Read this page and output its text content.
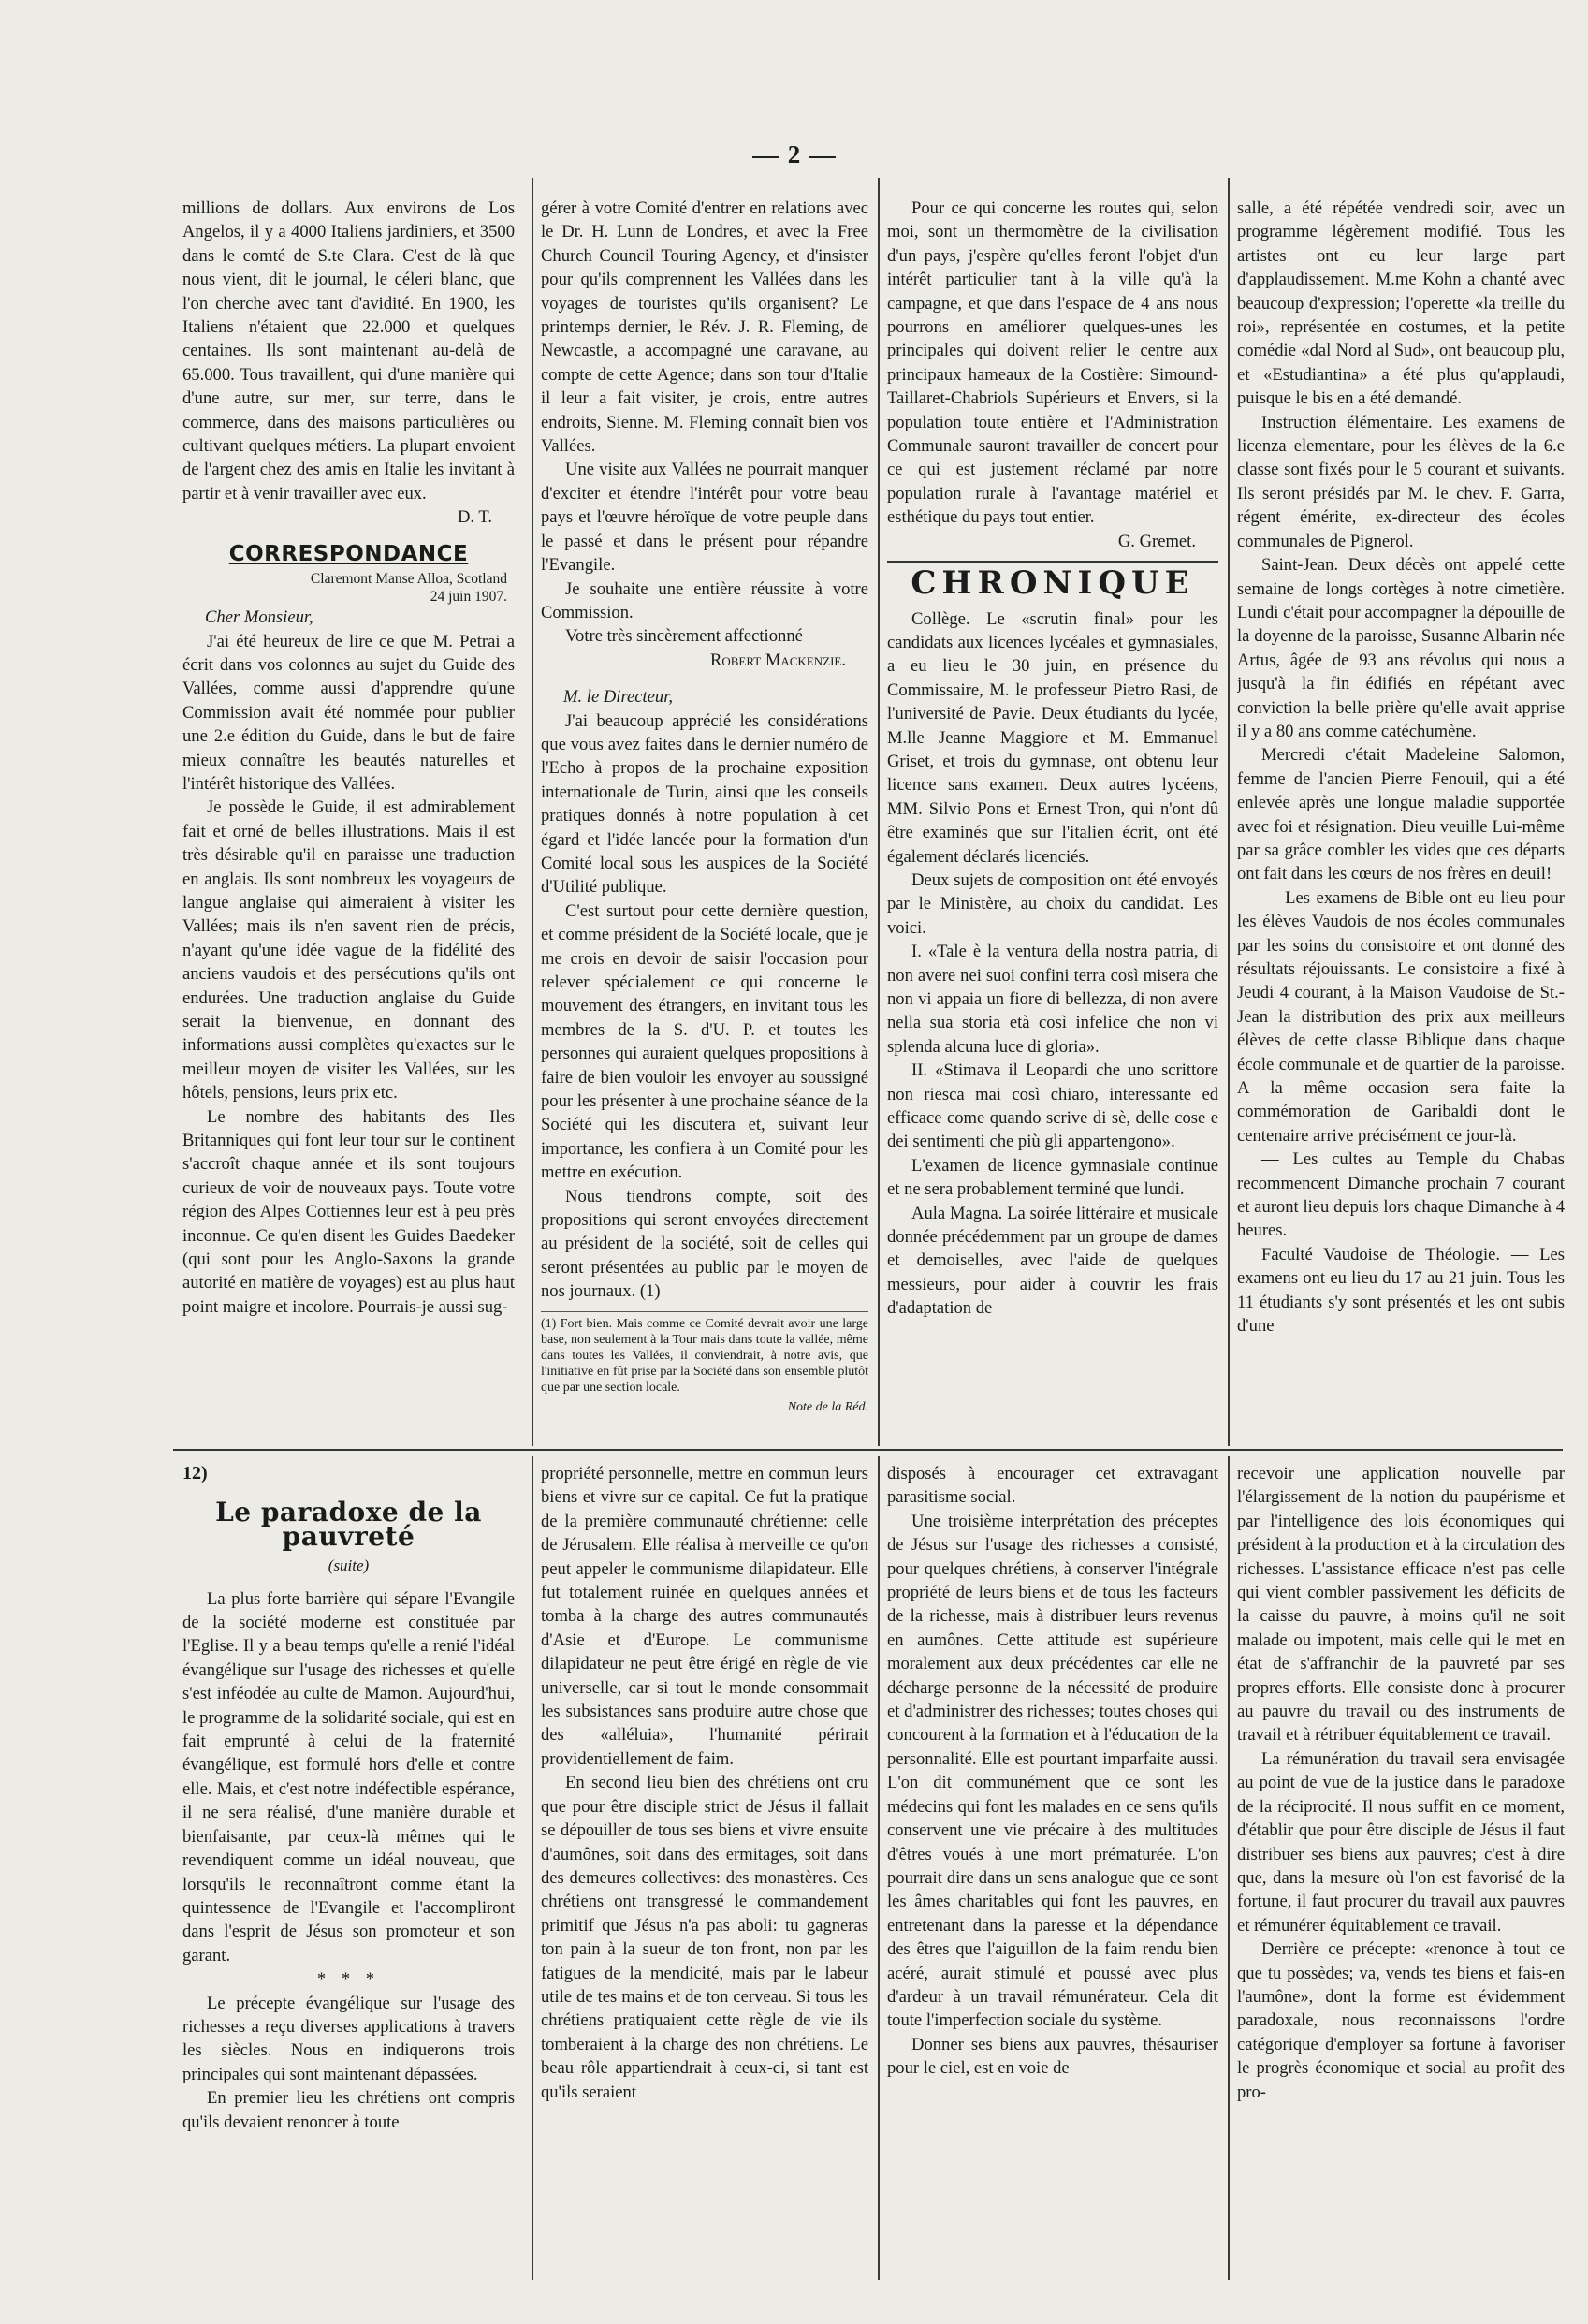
2

millions de dollars. Aux environs de Los Angelos, il y a 4000 Italiens jardiniers, et 3500 dans le comté de S.te Clara. C'est de là que nous vient, dit le journal, le céleri blanc, que l'on cherche avec tant d'avidité. En 1900, les Italiens n'étaient que 22.000 et quelques centaines. Ils sont maintenant au-delà de 65.000. Tous travaillent, qui d'une manière qui d'une autre, sur mer, sur terre, dans le commerce, dans des maisons particulières ou cultivant quelques métiers. La plupart envoient de l'argent chez des amis en Italie les invitant à partir et à venir travailler avec eux.

D. T.
CORRESPONDANCE
Claremont Manse Alloa, Scotland
24 juin 1907.
Cher Monsieur,

J'ai été heureux de lire ce que M. Petrai a écrit dans vos colonnes au sujet du Guide des Vallées, comme aussi d'apprendre qu'une Commission avait été nommée pour publier une 2.e édition du Guide, dans le but de faire mieux connaître les beautés naturelles et l'intérêt historique des Vallées.

Je possède le Guide, il est admirablement fait et orné de belles illustrations. Mais il est très désirable qu'il en paraisse une traduction en anglais. Ils sont nombreux les voyageurs de langue anglaise qui aimeraient à visiter les Vallées; mais ils n'en savent rien de précis, n'ayant qu'une idée vague de la fidélité des anciens vaudois et des persécutions qu'ils ont endurées. Une traduction anglaise du Guide serait la bienvenue, en donnant des informations aussi complètes qu'exactes sur le meilleur moyen de visiter les Vallées, sur les hôtels, pensions, leurs prix etc.

Le nombre des habitants des Iles Britanniques qui font leur tour sur le continent s'accroît chaque année et ils sont toujours curieux de voir de nouveaux pays. Toute votre région des Alpes Cottiennes leur est à peu près inconnue. Ce qu'en disent les Guides Baedeker (qui sont pour les Anglo-Saxons la grande autorité en matière de voyages) est au plus haut point maigre et incolore. Pourrais-je aussi sug-

gérer à votre Comité d'entrer en relations avec le Dr. H. Lunn de Londres, et avec la Free Church Council Touring Agency, et d'insister pour qu'ils comprennent les Vallées dans les voyages de touristes qu'ils organisent? Le printemps dernier, le Rév. J. R. Fleming, de Newcastle, a accompagné une caravane, au compte de cette Agence; dans son tour d'Italie il leur a fait visiter, je crois, entre autres endroits, Sienne. M. Fleming connaît bien vos Vallées.

Une visite aux Vallées ne pourrait manquer d'exciter et étendre l'intérêt pour votre beau pays et l'œuvre héroïque de votre peuple dans le passé et dans le présent pour répandre l'Evangile.

Je souhaite une entière réussite à votre Commission.

Votre très sincèrement affectionné

Robert Mackenzie.
M. le Directeur,

J'ai beaucoup apprécié les considérations que vous avez faites dans le dernier numéro de l'Echo à propos de la prochaine exposition internationale de Turin, ainsi que les conseils pratiques donnés à notre population à cet égard et l'idée lancée pour la formation d'un Comité local sous les auspices de la Société d'Utilité publique.

C'est surtout pour cette dernière question, et comme président de la Société locale, que je me crois en devoir de saisir l'occasion pour relever spécialement ce qui concerne le mouvement des étrangers, en invitant tous les membres de la S. d'U. P. et toutes les personnes qui auraient quelques propositions à faire de bien vouloir les envoyer au soussigné pour les présenter à une prochaine séance de la Société qui les discutera et, suivant leur importance, les confiera à un Comité pour les mettre en exécution.

Nous tiendrons compte, soit des propositions qui seront envoyées directement au président de la société, soit de celles qui seront présentées au public par le moyen de nos journaux. (1)

(1) Fort bien. Mais comme ce Comité devrait avoir une large base, non seulement à la Tour mais dans toute la vallée, même dans toutes les Vallées, il conviendrait, à notre avis, que l'initiative en fût prise par la Société dans son ensemble plutôt que par une section locale.
Note de la Réd.

Pour ce qui concerne les routes qui, selon moi, sont un thermomètre de la civilisation d'un pays, j'espère qu'elles feront l'objet d'un intérêt particulier tant à la ville qu'à la campagne, et que dans l'espace de 4 ans nous pourrons en améliorer quelques-unes les principales qui doivent relier le centre aux principaux hameaux de la Costière: Simound-Taillaret-Chabriols Supérieurs et Envers, si la population toute entière et l'Administration Communale sauront travailler de concert pour ce qui est justement réclamé par notre population rurale à l'avantage matériel et esthétique du pays tout entier.

G. Gremet.
CHRONIQUE

Collège. Le «scrutin final» pour les candidats aux licences lycéales et gymnasiales, a eu lieu le 30 juin, en présence du Commissaire, M. le professeur Pietro Rasi, de l'université de Pavie. Deux étudiants du lycée, M.lle Jeanne Maggiore et M. Emmanuel Griset, et trois du gymnase, ont obtenu leur licence sans examen. Deux autres lycéens, MM. Silvio Pons et Ernest Tron, qui n'ont dû être examinés que sur l'italien écrit, ont été également déclarés licenciés.

Deux sujets de composition ont été envoyés par le Ministère, au choix du candidat. Les voici.

I. «Tale è la ventura della nostra patria, di non avere nei suoi confini terra così misera che non vi appaia un fiore di bellezza, di non avere nella sua storia età così infelice che non vi splenda alcuna luce di gloria».

II. «Stimava il Leopardi che uno scrittore non riesca mai così chiaro, interessante ed efficace come quando scrive di sè, delle cose e dei sentimenti che più gli appartengono».

L'examen de licence gymnasiale continue et ne sera probablement terminé que lundi.

Aula Magna. La soirée littéraire et musicale donnée précédemment par un groupe de dames et demoiselles, avec l'aide de quelques messieurs, pour aider à couvrir les frais d'adaptation de

salle, a été répétée vendredi soir, avec un programme légèrement modifié. Tous les artistes ont eu leur large part d'applaudissement. M.me Kohn a chanté avec beaucoup d'expression; l'operette «la treille du roi», représentée en costumes, et la petite comédie «dal Nord al Sud», ont beaucoup plu, et «Estudiantina» a été plus qu'applaudi, puisque le bis en a été demandé.

Instruction élémentaire. Les examens de licenza elementare, pour les élèves de la 6.e classe sont fixés pour le 5 courant et suivants. Ils seront présidés par M. le chev. F. Garra, régent émérite, ex-directeur des écoles communales de Pignerol.

Saint-Jean. Deux décès ont appelé cette semaine de longs cortèges à notre cimetière. Lundi c'était pour accompagner la dépouille de la doyenne de la paroisse, Susanne Albarin née Artus, âgée de 93 ans révolus qui nous a jusqu'à la fin édifiés en répétant avec conviction la belle prière qu'elle avait apprise il y a 80 ans comme catéchumène.

Mercredi c'était Madeleine Salomon, femme de l'ancien Pierre Fenouil, qui a été enlevée après une longue maladie supportée avec foi et résignation. Dieu veuille Lui-même par sa grâce combler les vides que ces départs ont fait dans les cœurs de nos frères en deuil!

— Les examens de Bible ont eu lieu pour les élèves Vaudois de nos écoles communales par les soins du consistoire et ont donné des résultats réjouissants. Le consistoire a fixé à Jeudi 4 courant, à la Maison Vaudoise de St.-Jean la distribution des prix aux meilleurs élèves de cette classe Biblique dans chaque école communale et de quartier de la paroisse. A la même occasion sera faite la commémoration de Garibaldi dont le centenaire arrive précisément ce jour-là.

— Les cultes au Temple du Chabas recommencent Dimanche prochain 7 courant et auront lieu depuis lors chaque Dimanche à 4 heures.

Faculté Vaudoise de Théologie. — Les examens ont eu lieu du 17 au 21 juin. Tous les 11 étudiants s'y sont présentés et les ont subis d'une

12)
Le paradoxe de la pauvreté
(suite)

La plus forte barrière qui sépare l'Evangile de la société moderne est constituée par l'Eglise. Il y a beau temps qu'elle a renié l'idéal évangélique sur l'usage des richesses et qu'elle s'est inféodée au culte de Mamon. Aujourd'hui, le programme de la solidarité sociale, qui est en fait emprunté à celui de la fraternité évangélique, est formulé hors d'elle et contre elle. Mais, et c'est notre indéfectible espérance, il ne sera réalisé, d'une manière durable et bienfaisante, par ceux-là mêmes qui le revendiquent comme un idéal nouveau, que lorsqu'ils le reconnaîtront comme étant la quintessence de l'Evangile et l'accompliront dans l'esprit de Jésus son promoteur et son garant.

* * *

Le précepte évangélique sur l'usage des richesses a reçu diverses applications à travers les siècles. Nous en indiquerons trois principales qui sont maintenant dépassées.

En premier lieu les chrétiens ont compris qu'ils devaient renoncer à toute

propriété personnelle, mettre en commun leurs biens et vivre sur ce capital. Ce fut la pratique de la première communauté chrétienne: celle de Jérusalem. Elle réalisa à merveille ce qu'on peut appeler le communisme dilapidateur. Elle fut totalement ruinée en quelques années et tomba à la charge des autres communautés d'Asie et d'Europe. Le communisme dilapidateur ne peut être érigé en règle de vie universelle, car si tout le monde consommait les subsistances sans produire autre chose que des «alléluia», l'humanité périrait providentiellement de faim.

En second lieu bien des chrétiens ont cru que pour être disciple strict de Jésus il fallait se dépouiller de tous ses biens et vivre ensuite d'aumônes, soit dans des ermitages, soit dans des demeures collectives: des monastères. Ces chrétiens ont transgressé le commandement primitif que Jésus n'a pas aboli: tu gagneras ton pain à la sueur de ton front, non par les fatigues de la mendicité, mais par le labeur utile de tes mains et de ton cerveau. Si tous les chrétiens pratiquaient cette règle de vie ils tomberaient à la charge des non chrétiens. Le beau rôle appartiendrait à ceux-ci, si tant est qu'ils seraient

disposés à encourager cet extravagant parasitisme social.

Une troisième interprétation des préceptes de Jésus sur l'usage des richesses a consisté, pour quelques chrétiens, à conserver l'intégrale propriété de leurs biens et de tous les facteurs de la richesse, mais à distribuer leurs revenus en aumônes. Cette attitude est supérieure moralement aux deux précédentes car elle ne décharge personne de la nécessité de produire et d'administrer des richesses; toutes choses qui concourent à la formation et à l'éducation de la personnalité. Elle est pourtant imparfaite aussi. L'on dit communément que ce sont les médecins qui font les malades en ce sens qu'ils conservent une vie précaire à des multitudes d'êtres voués à une mort prématurée. L'on pourrait dire dans un sens analogue que ce sont les âmes charitables qui font les pauvres, en entretenant dans la paresse et la dépendance des êtres que l'aiguillon de la faim rendu bien acéré, aurait stimulé et poussé avec plus d'ardeur à un travail rémunérateur. Cela dit toute l'imperfection sociale du système.

Donner ses biens aux pauvres, thésauriser pour le ciel, est en voie de

recevoir une application nouvelle par l'élargissement de la notion du paupérisme et par l'intelligence des lois économiques qui président à la production et à la circulation des richesses. L'assistance efficace n'est pas celle qui vient combler passivement les déficits de la caisse du pauvre, à moins qu'il ne soit malade ou impotent, mais celle qui le met en état de s'affranchir de la pauvreté par ses propres efforts. Elle consiste donc à procurer au pauvre du travail ou des instruments de travail et à rétribuer équitablement ce travail.

La rémunération du travail sera envisagée au point de vue de la justice dans le paradoxe de la réciprocité. Il nous suffit en ce moment, d'établir que pour être disciple de Jésus il faut distribuer ses biens aux pauvres; c'est à dire que, dans la mesure où l'on est favorisé de la fortune, il faut procurer du travail aux pauvres et rémunérer équitablement ce travail.

Derrière ce précepte: «renonce à tout ce que tu possèdes; va, vends tes biens et fais-en l'aumône», dont la forme est évidemment paradoxale, nous reconnaissons l'ordre catégorique d'employer sa fortune à favoriser le progrès économique et social au profit des pro-
